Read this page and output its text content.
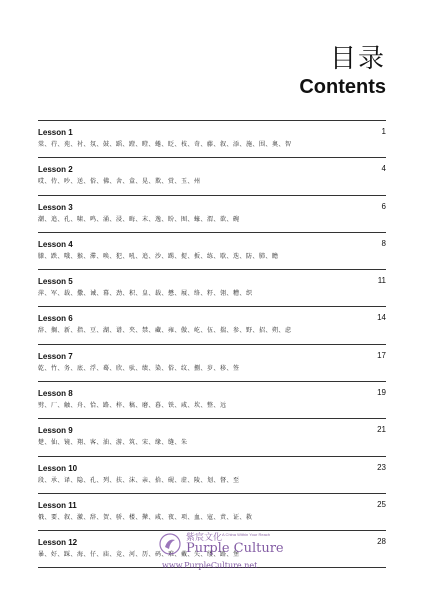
目录
Contents
Lesson 1	1
棠、荇、苑、衬、氛、鼓、蹈、蹬、瞪、蜷、眨、枝、奇、藤、叙、添、施、围、奥、智
Lesson 2	4
哎、侍、吵、送、俗、佛、舍、盒、晃、欺、赏、玉、州
Lesson 3	6
潮、追、孔、啸、鸣、涌、浸、晦、末、逸、盼、囿、蠔、渭、欲、碗
Lesson 4	8
膝、跌、哦、猴、滞、唤、犯、吼、追、沙、踢、捉、扳、练、歇、迭、防、肺、瞻
Lesson 5	11
萍、军、载、撒、诫、幕、劲、积、皇、载、懋、屐、络、籽、翎、糟、织
Lesson 6	14
辞、搁、新、指、豆、湖、谱、夹、禁、藏、雍、傲、屹、伍、揣、参、野、招、朔、虑
Lesson 7	17
乾、竹、务、底、浮、蓦、欣、驮、绩、染、俗、纹、捌、岁、移、签
Lesson 8	19
劈、厂、触、舟、恰、路、梓、稿、磨、暮、铁、咸、坎、整、远
Lesson 9	21
楚、仙、镜、翔、客、油、游、筑、宋、缘、缝、朱
Lesson 10	23
段、承、译、隐、孔、列、扶、沫、亲、拾、砚、虚、陵、划、督、至
Lesson 11	25
俄、要、叙、激、辞、贺、骄、楼、撵、咸、夜、项、血、寇、责、证、救
Lesson 12	28
暴、好、踩、海、仔、庙、竞、河、历、码、难、戴、失、缕、路、堡
紫宸文化 A China Within Your Reach
Purple Culture
www.PurpleCulture.net
